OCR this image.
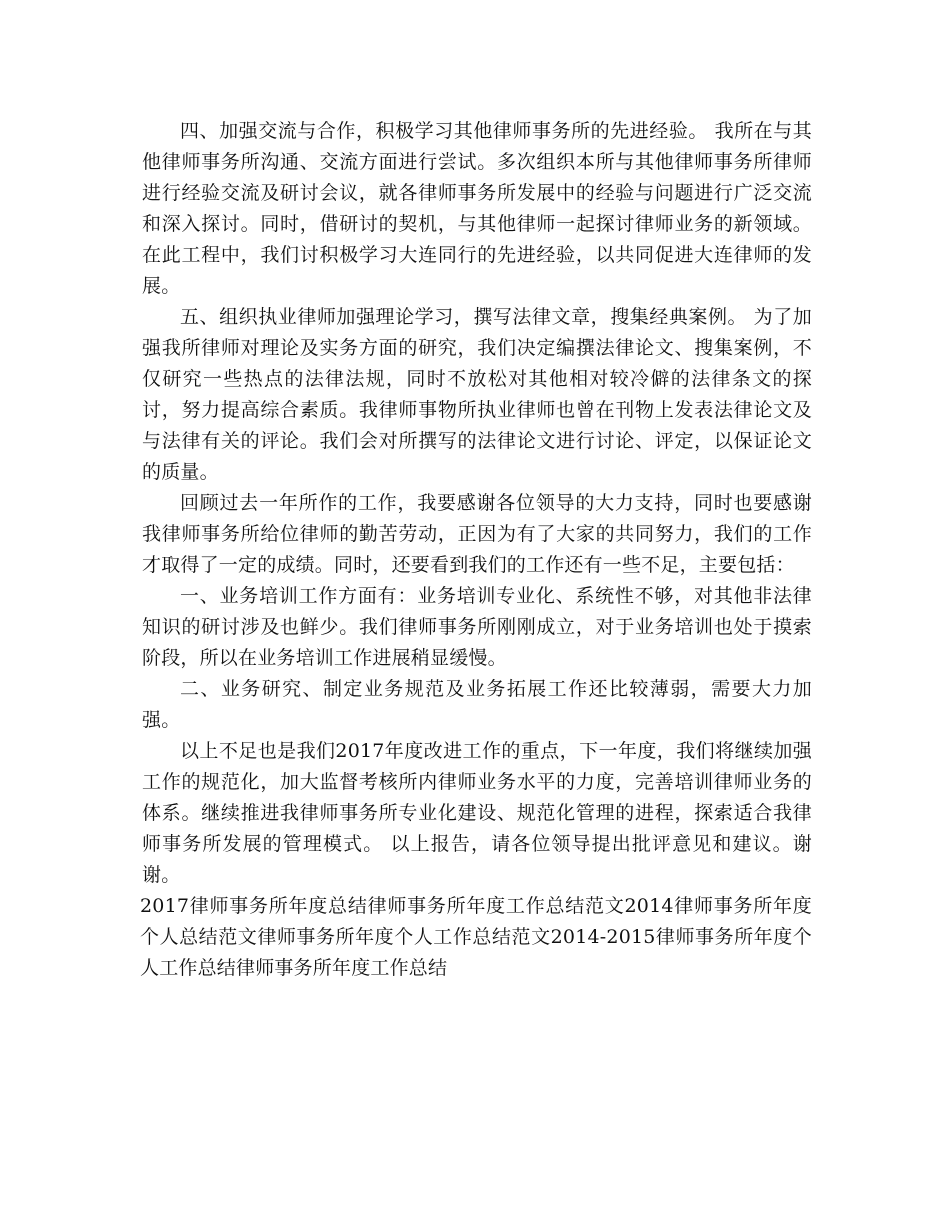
四、加强交流与合作，积极学习其他律师事务所的先进经验。 我所在与其他律师事务所沟通、交流方面进行尝试。多次组织本所与其他律师事务所律师进行经验交流及研讨会议，就各律师事务所发展中的经验与问题进行广泛交流和深入探讨。同时，借研讨的契机，与其他律师一起探讨律师业务的新领域。在此工程中，我们讨积极学习大连同行的先进经验，以共同促进大连律师的发展。

五、组织执业律师加强理论学习，撰写法律文章，搜集经典案例。 为了加强我所律师对理论及实务方面的研究，我们决定编撰法律论文、搜集案例，不仅研究一些热点的法律法规，同时不放松对其他相对较冷僻的法律条文的探讨，努力提高综合素质。我律师事物所执业律师也曾在刊物上发表法律论文及与法律有关的评论。我们会对所撰写的法律论文进行讨论、评定，以保证论文的质量。

回顾过去一年所作的工作，我要感谢各位领导的大力支持，同时也要感谢我律师事务所给位律师的勤苦劳动，正因为有了大家的共同努力，我们的工作才取得了一定的成绩。同时，还要看到我们的工作还有一些不足，主要包括：

一、业务培训工作方面有：业务培训专业化、系统性不够，对其他非法律知识的研讨涉及也鲜少。我们律师事务所刚刚成立，对于业务培训也处于摸索阶段，所以在业务培训工作进展稍显缓慢。

二、业务研究、制定业务规范及业务拓展工作还比较薄弱，需要大力加强。

以上不足也是我们2017年度改进工作的重点，下一年度，我们将继续加强工作的规范化，加大监督考核所内律师业务水平的力度，完善培训律师业务的体系。继续推进我律师事务所专业化建设、规范化管理的进程，探索适合我律师事务所发展的管理模式。 以上报告，请各位领导提出批评意见和建议。谢谢。

2017律师事务所年度总结律师事务所年度工作总结范文2014律师事务所年度个人总结范文律师事务所年度个人工作总结范文2014-2015律师事务所年度个人工作总结律师事务所年度工作总结
